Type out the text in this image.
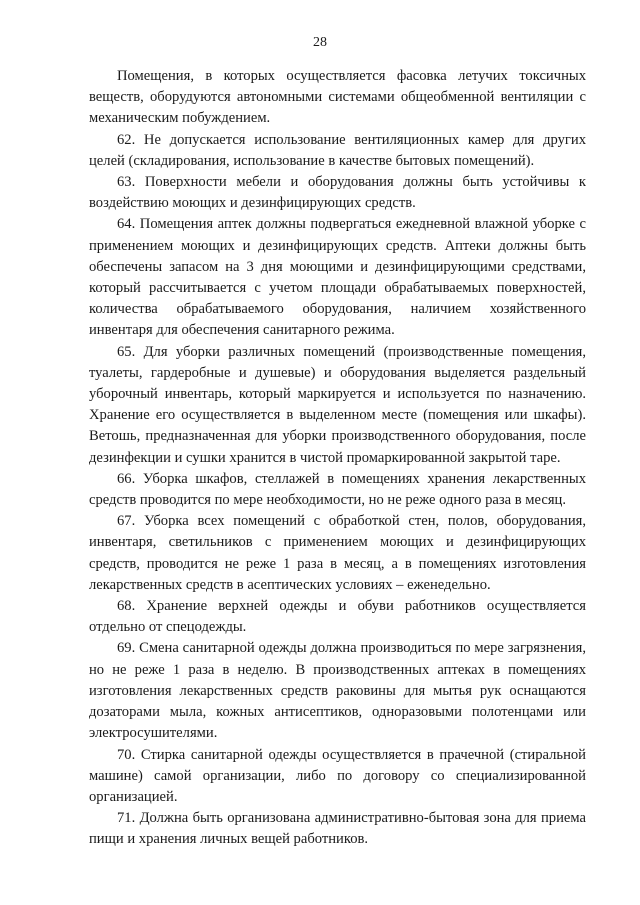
28

Помещения, в которых осуществляется фасовка летучих токсичных веществ, оборудуются автономными системами общеобменной вентиляции с механическим побуждением.

62. Не допускается использование вентиляционных камер для других целей (складирования, использование в качестве бытовых помещений).

63. Поверхности мебели и оборудования должны быть устойчивы к воздействию моющих и дезинфицирующих средств.

64. Помещения аптек должны подвергаться ежедневной влажной уборке с применением моющих и дезинфицирующих средств. Аптеки должны быть обеспечены запасом на 3 дня моющими и дезинфицирующими средствами, который рассчитывается с учетом площади обрабатываемых поверхностей, количества обрабатываемого оборудования, наличием хозяйственного инвентаря для обеспечения санитарного режима.

65. Для уборки различных помещений (производственные помещения, туалеты, гардеробные и душевые) и оборудования выделяется раздельный уборочный инвентарь, который маркируется и используется по назначению. Хранение его осуществляется в выделенном месте (помещения или шкафы). Ветошь, предназначенная для уборки производственного оборудования, после дезинфекции и сушки хранится в чистой промаркированной закрытой таре.

66. Уборка шкафов, стеллажей в помещениях хранения лекарственных средств проводится по мере необходимости, но не реже одного раза в месяц.

67. Уборка всех помещений с обработкой стен, полов, оборудования, инвентаря, светильников с применением моющих и дезинфицирующих средств, проводится не реже 1 раза в месяц, а в помещениях изготовления лекарственных средств в асептических условиях – еженедельно.

68. Хранение верхней одежды и обуви работников осуществляется отдельно от спецодежды.

69. Смена санитарной одежды должна производиться по мере загрязнения, но не реже 1 раза в неделю. В производственных аптеках в помещениях изготовления лекарственных средств раковины для мытья рук оснащаются дозаторами мыла, кожных антисептиков, одноразовыми полотенцами или электросушителями.

70. Стирка санитарной одежды осуществляется в прачечной (стиральной машине) самой организации, либо по договору со специализированной организацией.

71. Должна быть организована административно-бытовая зона для приема пищи и хранения личных вещей работников.
